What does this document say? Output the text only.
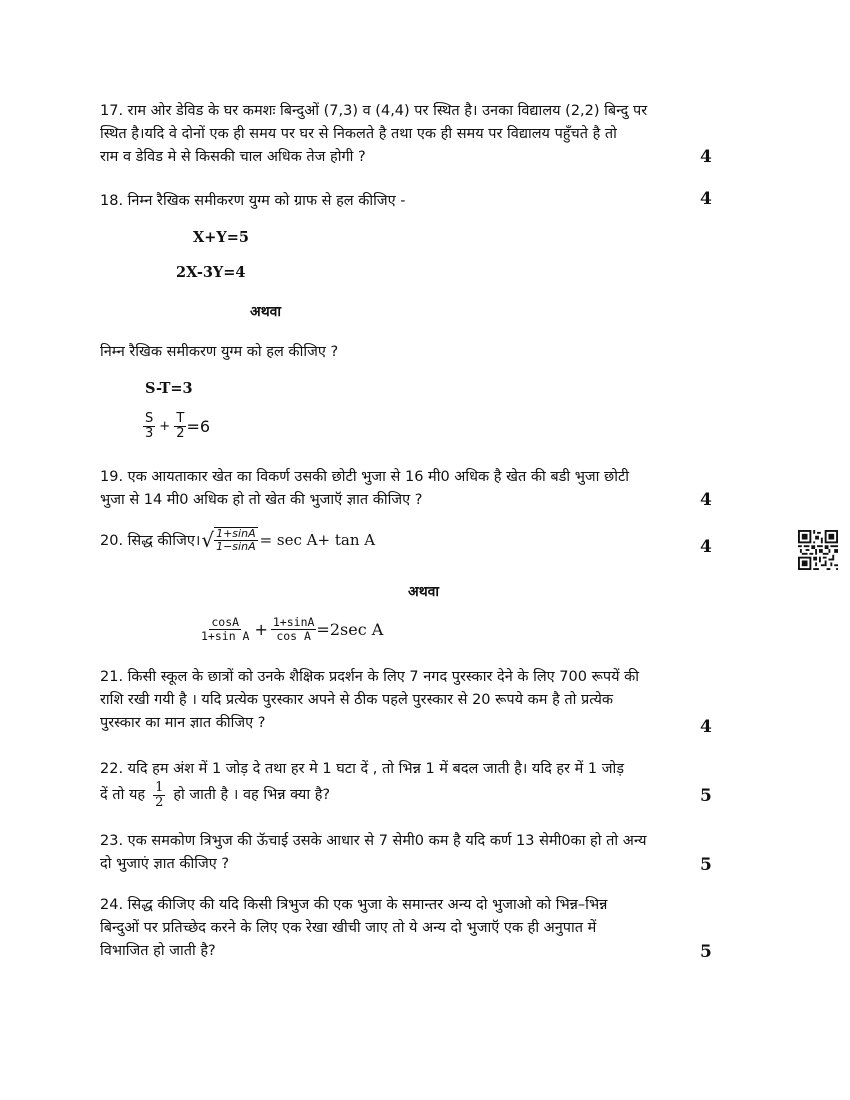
17. राम ओर डेविड के घर कमशः बिन्दुओं (7,3) व (4,4) पर स्थित है। उनका विद्यालय (2,2) बिन्दु पर
स्थित है।यदि वे दोनों एक ही समय पर घर से निकलते है तथा एक ही समय पर विद्यालय पहुँचते है तो
राम व डेविड मे से किसकी चाल अधिक तेज होगी ?	4
18. निम्न रैखिक समीकरण युग्म को ग्राफ से हल कीजिए -	4
X+Y=5
2X-3Y=4
अथवा
निम्न रैखिक समीकरण युग्म को हल कीजिए ?
S-T=3
$\frac{S}{3} + \frac{T}{2} =6$
19. एक आयताकार खेत का विकर्ण उसकी छोटी भुजा से 16 मी0 अधिक है खेत की बडी भुजा छोटी
भुजा से 14 मी0 अधिक हो तो खेत की भुजाऍ ज्ञात कीजिए ?	4
20. सिद्ध कीजिए। √ $\frac{1+\sin A}{1-\sin A} = \sec A+ \tan A$	4
अथवा
$\frac{\cos A}{\text{1+sin A}} + \frac{1+\sin A}{\text{cos A}} =2\sec$ A
21. किसी स्कूल के छात्रों को उनके शैक्षिक प्रदर्शन के लिए 7 नगद पुरस्कार देने के लिए 700 रूपयें की
राशि रखी गयी है । यदि प्रत्येक पुरस्कार अपने से ठीक पहले पुरस्कार से 20 रूपये कम है तो प्रत्येक
पुरस्कार का मान ज्ञात कीजिए ?	4
22. यदि हम अंश में 1 जोड़ दे तथा हर मे 1 घटा दें , तो भिन्न 1 में बदल जाती है। यदि हर में 1 जोड़
दें तो यह $\frac{1}{2}$ हो जाती है । वह भिन्न क्या है?	5
23. एक समकोण त्रिभुज की ऊॅचाई उसके आधार से 7 सेमी0 कम है यदि कर्ण 13 सेमी0का हो तो अन्य
दो भुजाएं ज्ञात कीजिए ?	5
24. सिद्ध कीजिए की यदि किसी त्रिभुज की एक भुजा के समान्तर अन्य दो भुजाओ को भिन्न–भिन्न
बिन्दुओं पर प्रतिच्छेद करने के लिए एक रेखा खीची जाए तो ये अन्य दो भुजाऍ एक ही अनुपात में
विभाजित हो जाती है?	5
